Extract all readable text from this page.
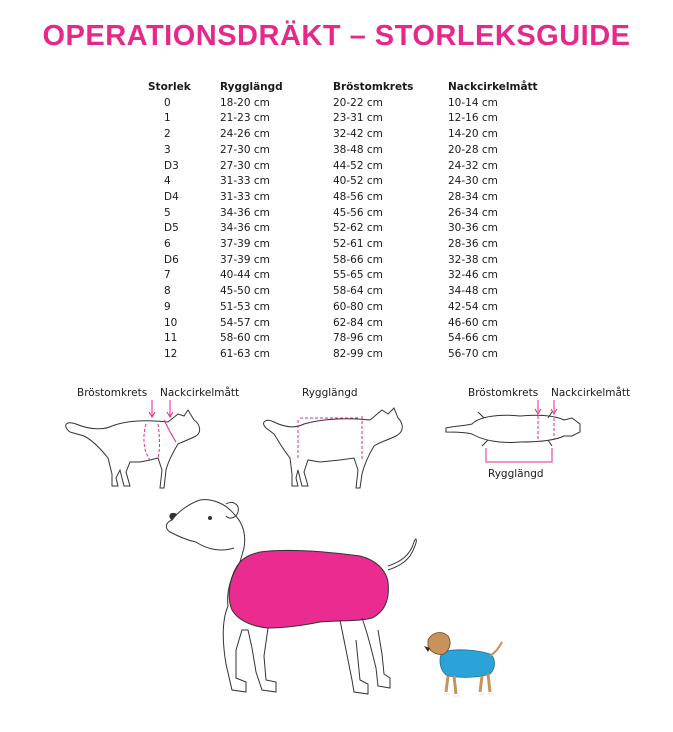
OPERATIONSDRÄKT – STORLEKSGUIDE
Storlek	Rygglängd	Bröstomkrets	Nackcirkelmått
0	18-20 cm	20-22 cm	10-14 cm
1	21-23 cm	23-31 cm	12-16 cm
2	24-26 cm	32-42 cm	14-20 cm
3	27-30 cm	38-48 cm	20-28 cm
D3	27-30 cm	44-52 cm	24-32 cm
4	31-33 cm	40-52 cm	24-30 cm
D4	31-33 cm	48-56 cm	28-34 cm
5	34-36 cm	45-56 cm	26-34 cm
D5	34-36 cm	52-62 cm	30-36 cm
6	37-39 cm	52-61 cm	28-36 cm
D6	37-39 cm	58-66 cm	32-38 cm
7	40-44 cm	55-65 cm	32-46 cm
8	45-50 cm	58-64 cm	34-48 cm
9	51-53 cm	60-80 cm	42-54 cm
10	54-57 cm	62-84 cm	46-60 cm
11	58-60 cm	78-96 cm	54-66 cm
12	61-63 cm	82-99 cm	56-70 cm
Bröstomkrets Nackcirkelmått	Rygglängd	Bröstomkrets Nackcirkelmått
Rygglängd
